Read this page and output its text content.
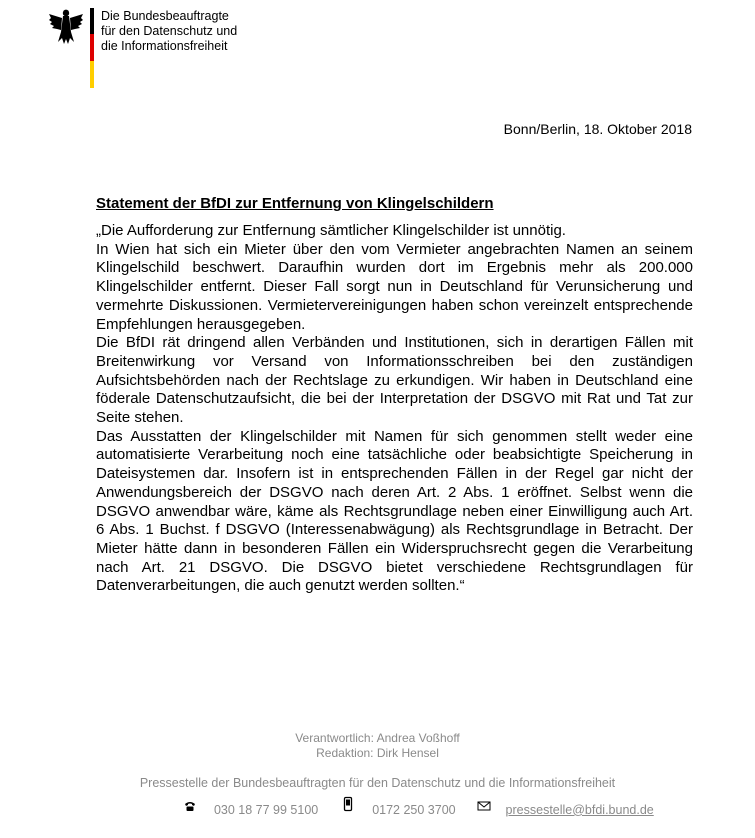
Die Bundesbeauftragte
für den Datenschutz und
die Informationsfreiheit
Bonn/Berlin, 18. Oktober 2018
Statement der BfDI zur Entfernung von Klingelschildern

„Die Aufforderung zur Entfernung sämtlicher Klingelschilder ist unnötig.

In Wien hat sich ein Mieter über den vom Vermieter angebrachten Namen an seinem Klingelschild beschwert. Daraufhin wurden dort im Ergebnis mehr als 200.000 Klingelschilder entfernt. Dieser Fall sorgt nun in Deutschland für Verunsicherung und vermehrte Diskussionen. Vermietervereinigungen haben schon vereinzelt entsprechende Empfehlungen herausgegeben.

Die BfDI rät dringend allen Verbänden und Institutionen, sich in derartigen Fällen mit Breitenwirkung vor Versand von Informationsschreiben bei den zuständigen Aufsichtsbehörden nach der Rechtslage zu erkundigen. Wir haben in Deutschland eine föderale Datenschutzaufsicht, die bei der Interpretation der DSGVO mit Rat und Tat zur Seite stehen.

Das Ausstatten der Klingelschilder mit Namen für sich genommen stellt weder eine automatisierte Verarbeitung noch eine tatsächliche oder beabsichtigte Speicherung in Dateisystemen dar. Insofern ist in entsprechenden Fällen in der Regel gar nicht der Anwendungsbereich der DSGVO nach deren Art. 2 Abs. 1 eröffnet. Selbst wenn die DSGVO anwendbar wäre, käme als Rechtsgrundlage neben einer Einwilligung auch Art. 6 Abs. 1 Buchst. f DSGVO (Interessenabwägung) als Rechtsgrundlage in Betracht. Der Mieter hätte dann in besonderen Fällen ein Widerspruchsrecht gegen die Verarbeitung nach Art. 21 DSGVO. Die DSGVO bietet verschiedene Rechtsgrundlagen für Datenverarbeitungen, die auch genutzt werden sollten.“

Verantwortlich: Andrea Voßhoff
Redaktion: Dirk Hensel
Pressestelle der Bundesbeauftragten für den Datenschutz und die Informationsfreiheit
030 18 77 99 5100	0172 250 3700	pressestelle@bfdi.bund.de
